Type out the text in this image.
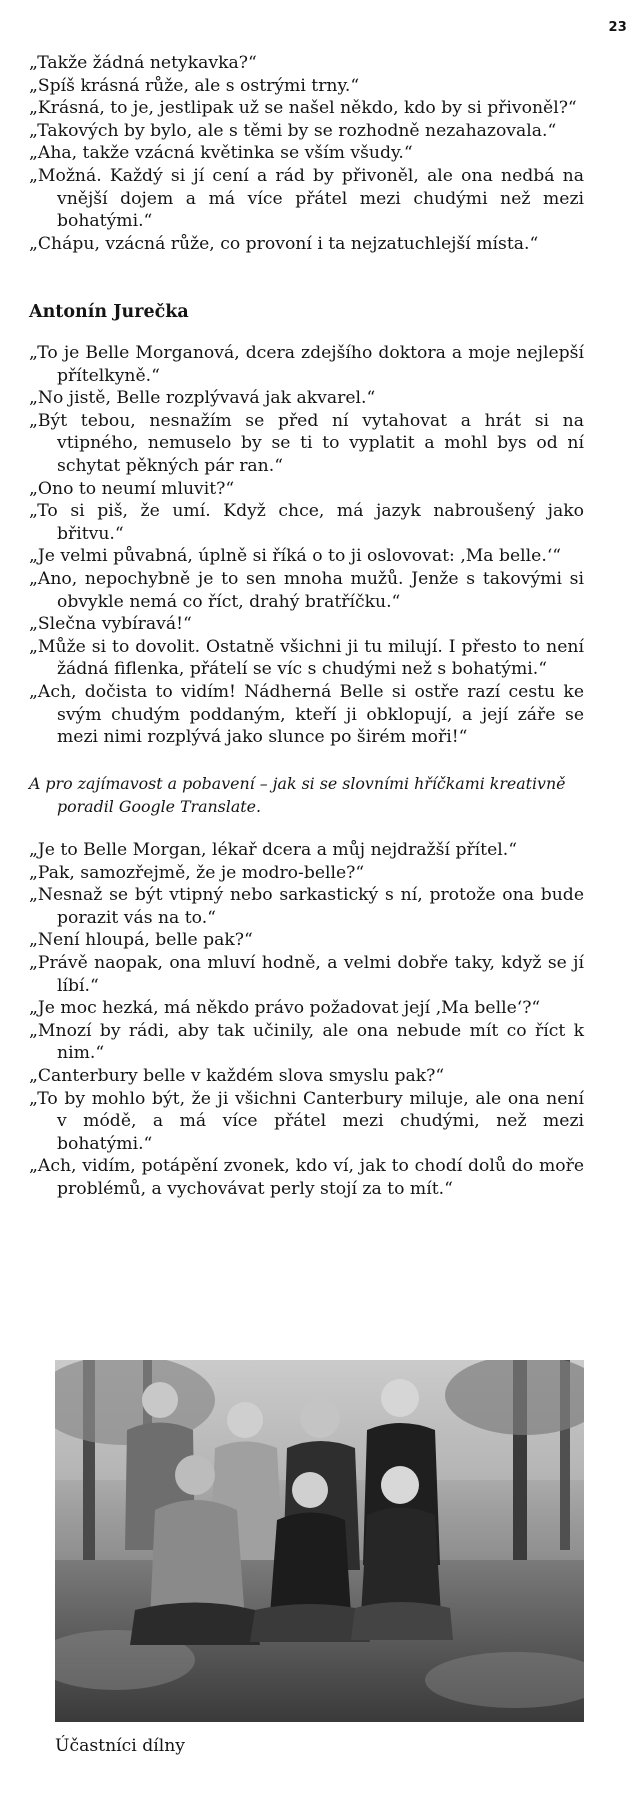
23

„Takže žádná netykavka?“

„Spíš krásná růže, ale s ostrými trny.“

„Krásná, to je, jestlipak už se našel někdo, kdo by si přivoněl?“

„Takových by bylo, ale s těmi by se rozhodně nezahazovala.“

„Aha, takže vzácná květinka se vším všudy.“

„Možná. Každý si jí cení a rád by přivoněl, ale ona nedbá na vnější dojem a má více přátel mezi chudými než mezi bohatými.“

„Chápu, vzácná růže, co provoní i ta nejzatuchlejší místa.“

Antonín Jurečka

„To je Belle Morganová, dcera zdejšího doktora a moje nejlepší přítelkyně.“

„No jistě, Belle rozplývavá jak akvarel.“

„Být tebou, nesnažím se před ní vytahovat a hrát si na vtipného, nemuselo by se ti to vyplatit a mohl bys od ní schytat pěkných pár ran.“

„Ono to neumí mluvit?“

„To si piš, že umí. Když chce, má jazyk nabroušený jako břitvu.“

„Je velmi půvabná, úplně si říká o to ji oslovovat: ‚Ma belle.‘“

„Ano, nepochybně je to sen mnoha mužů. Jenže s takovými si obvykle nemá co říct, drahý bratříčku.“

„Slečna vybíravá!“

„Může si to dovolit. Ostatně všichni ji tu milují. I přesto to není žádná fiflenka, přátelí se víc s chudými než s bohatými.“

„Ach, dočista to vidím! Nádherná Belle si ostře razí cestu ke svým chudým poddaným, kteří ji obklopují, a její záře se mezi nimi rozplývá jako slunce po širém moři!“

A pro zajímavost a pobavení – jak si se slovními hříčkami kreativně poradil Google Translate.

„Je to Belle Morgan, lékař dcera a můj nejdražší přítel.“

„Pak, samozřejmě, že je modro-belle?“

„Nesnaž se být vtipný nebo sarkastický s ní, protože ona bude porazit vás na to.“

„Není hloupá, belle pak?“

„Právě naopak, ona mluví hodně, a velmi dobře taky, když se jí líbí.“

„Je moc hezká, má někdo právo požadovat její ‚Ma belle‘?“

„Mnozí by rádi, aby tak učinily, ale ona nebude mít co říct k nim.“

„Canterbury belle v každém slova smyslu pak?“

„To by mohlo být, že ji všichni Canterbury miluje, ale ona není v módě, a má více přátel mezi chudými, než mezi bohatými.“

„Ach, vidím, potápění zvonek, kdo ví, jak to chodí dolů do moře problémů, a vychovávat perly stojí za to mít.“

Účastníci dílny
